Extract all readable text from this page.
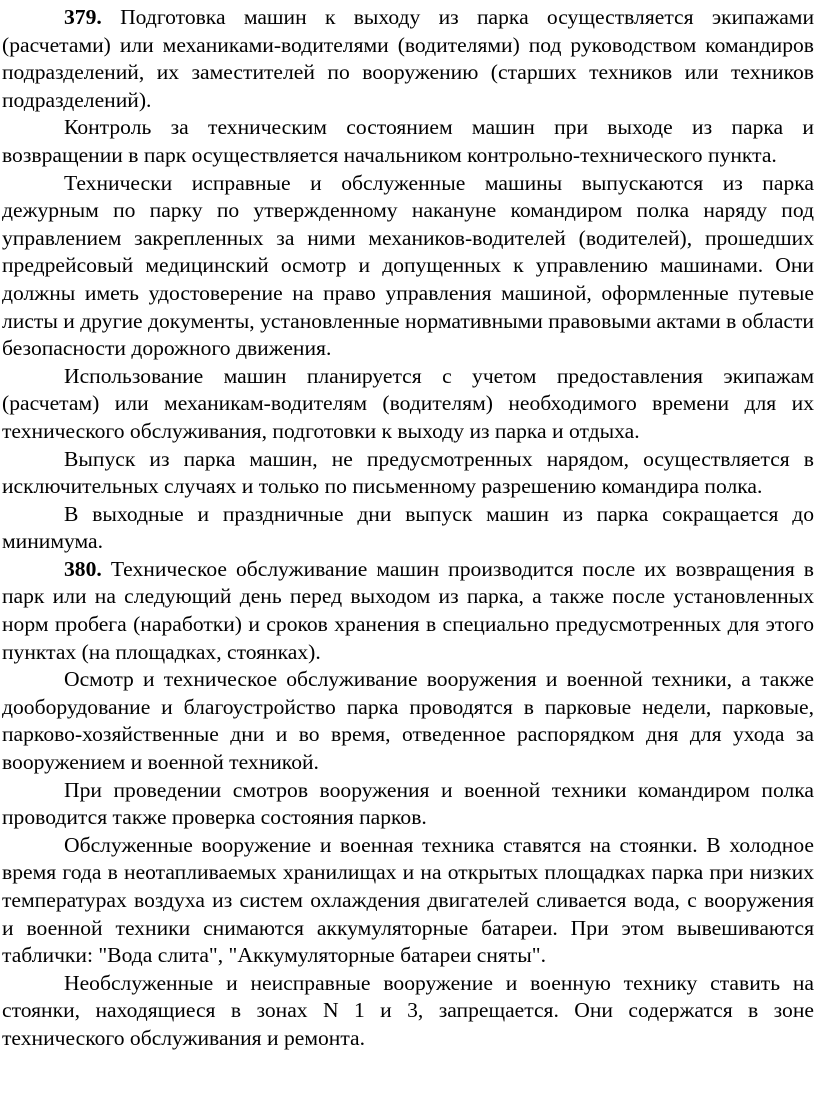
379. Подготовка машин к выходу из парка осуществляется экипажами (расчетами) или механиками-водителями (водителями) под руководством командиров подразделений, их заместителей по вооружению (старших техников или техников подразделений).

Контроль за техническим состоянием машин при выходе из парка и возвращении в парк осуществляется начальником контрольно-технического пункта.

Технически исправные и обслуженные машины выпускаются из парка дежурным по парку по утвержденному накануне командиром полка наряду под управлением закрепленных за ними механиков-водителей (водителей), прошедших предрейсовый медицинский осмотр и допущенных к управлению машинами. Они должны иметь удостоверение на право управления машиной, оформленные путевые листы и другие документы, установленные нормативными правовыми актами в области безопасности дорожного движения.

Использование машин планируется с учетом предоставления экипажам (расчетам) или механикам-водителям (водителям) необходимого времени для их технического обслуживания, подготовки к выходу из парка и отдыха.

Выпуск из парка машин, не предусмотренных нарядом, осуществляется в исключительных случаях и только по письменному разрешению командира полка.

В выходные и праздничные дни выпуск машин из парка сокращается до минимума.

380. Техническое обслуживание машин производится после их возвращения в парк или на следующий день перед выходом из парка, а также после установленных норм пробега (наработки) и сроков хранения в специально предусмотренных для этого пунктах (на площадках, стоянках).

Осмотр и техническое обслуживание вооружения и военной техники, а также дооборудование и благоустройство парка проводятся в парковые недели, парковые, парково-хозяйственные дни и во время, отведенное распорядком дня для ухода за вооружением и военной техникой.

При проведении смотров вооружения и военной техники командиром полка проводится также проверка состояния парков.

Обслуженные вооружение и военная техника ставятся на стоянки. В холодное время года в неотапливаемых хранилищах и на открытых площадках парка при низких температурах воздуха из систем охлаждения двигателей сливается вода, с вооружения и военной техники снимаются аккумуляторные батареи. При этом вывешиваются таблички: "Вода слита", "Аккумуляторные батареи сняты".

Необслуженные и неисправные вооружение и военную технику ставить на стоянки, находящиеся в зонах N 1 и 3, запрещается. Они содержатся в зоне технического обслуживания и ремонта.
